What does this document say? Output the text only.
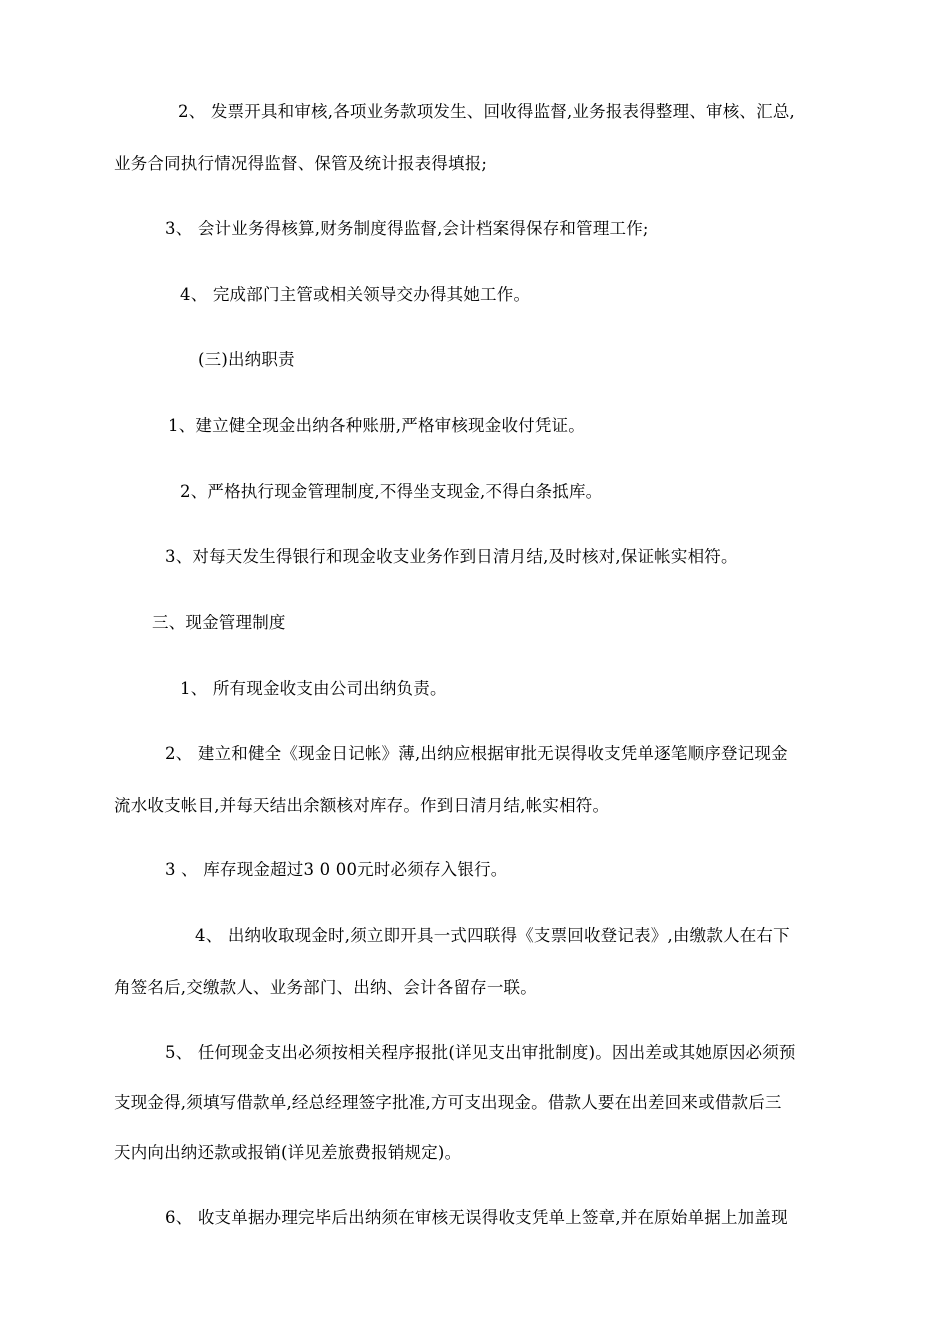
2、 发票开具和审核,各项业务款项发生、回收得监督,业务报表得整理、审核、汇总,
业务合同执行情况得监督、保管及统计报表得填报;
3、 会计业务得核算,财务制度得监督,会计档案得保存和管理工作;
4、 完成部门主管或相关领导交办得其她工作。
(三)出纳职责
1、建立健全现金出纳各种账册,严格审核现金收付凭证。
2、严格执行现金管理制度,不得坐支现金,不得白条抵库。
3、对每天发生得银行和现金收支业务作到日清月结,及时核对,保证帐实相符。
三、现金管理制度
1、 所有现金收支由公司出纳负责。
2、 建立和健全《现金日记帐》薄,出纳应根据审批无误得收支凭单逐笔顺序登记现金
流水收支帐目,并每天结出余额核对库存。作到日清月结,帐实相符。
3 、 库存现金超过3 0 00元时必须存入银行。
4、 出纳收取现金时,须立即开具一式四联得《支票回收登记表》,由缴款人在右下
角签名后,交缴款人、业务部门、出纳、会计各留存一联。
5、 任何现金支出必须按相关程序报批(详见支出审批制度)。因出差或其她原因必须预
支现金得,须填写借款单,经总经理签字批准,方可支出现金。借款人要在出差回来或借款后三
天内向出纳还款或报销(详见差旅费报销规定)。
6、 收支单据办理完毕后出纳须在审核无误得收支凭单上签章,并在原始单据上加盖现
